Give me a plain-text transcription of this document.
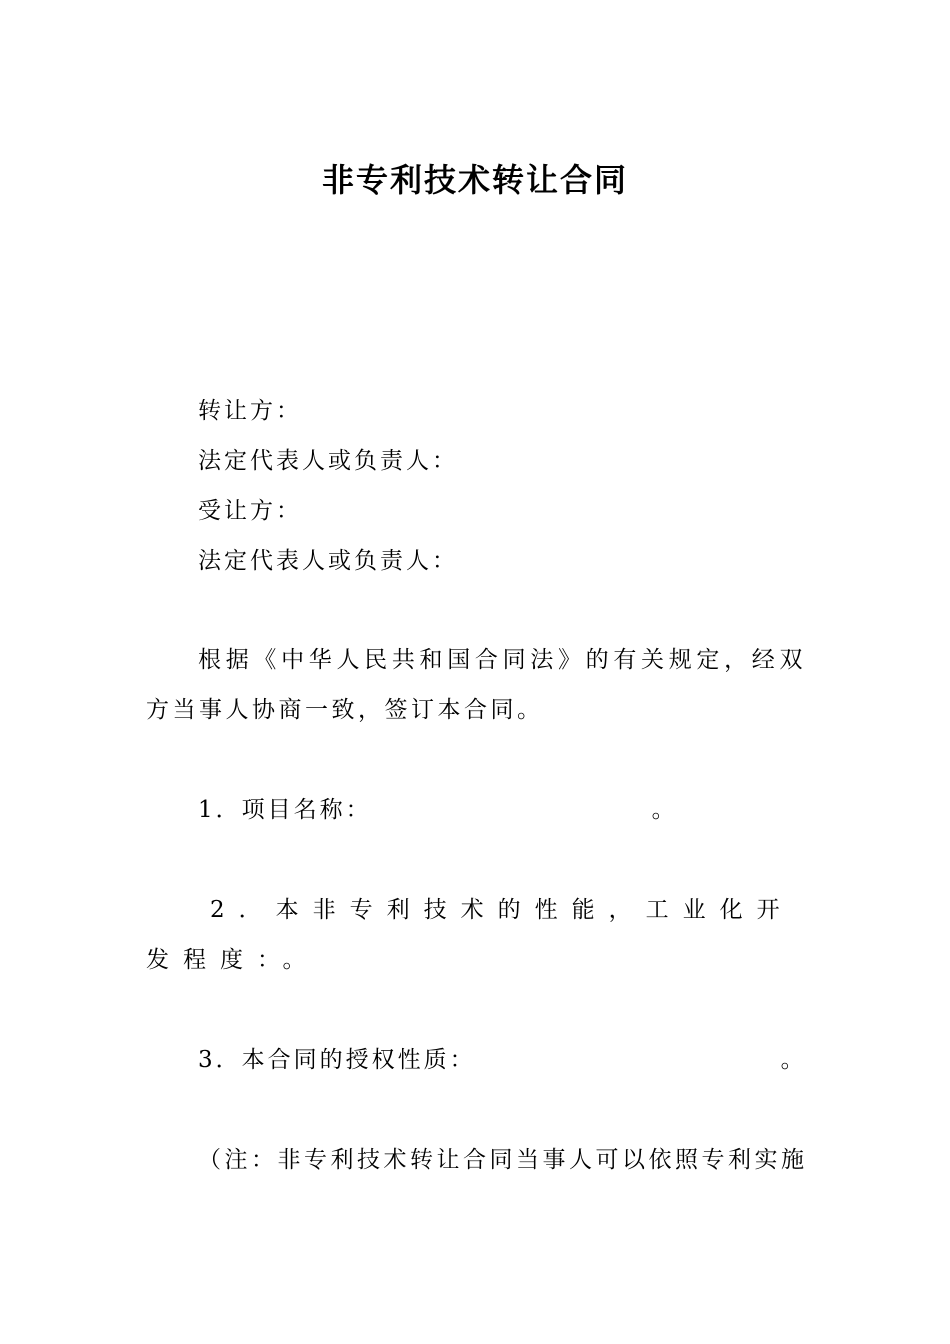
非专利技术转让合同
转让方：
法定代表人或负责人：
受让方：
法定代表人或负责人：
根据《中华人民共和国合同法》的有关规定，经双方当事人协商一致，签订本合同。
1．项目名称：	。
2．本非专利技术的性能，工业化开发程度：。
3．本合同的授权性质：	。
（注：非专利技术转让合同当事人可以依照专利实施
